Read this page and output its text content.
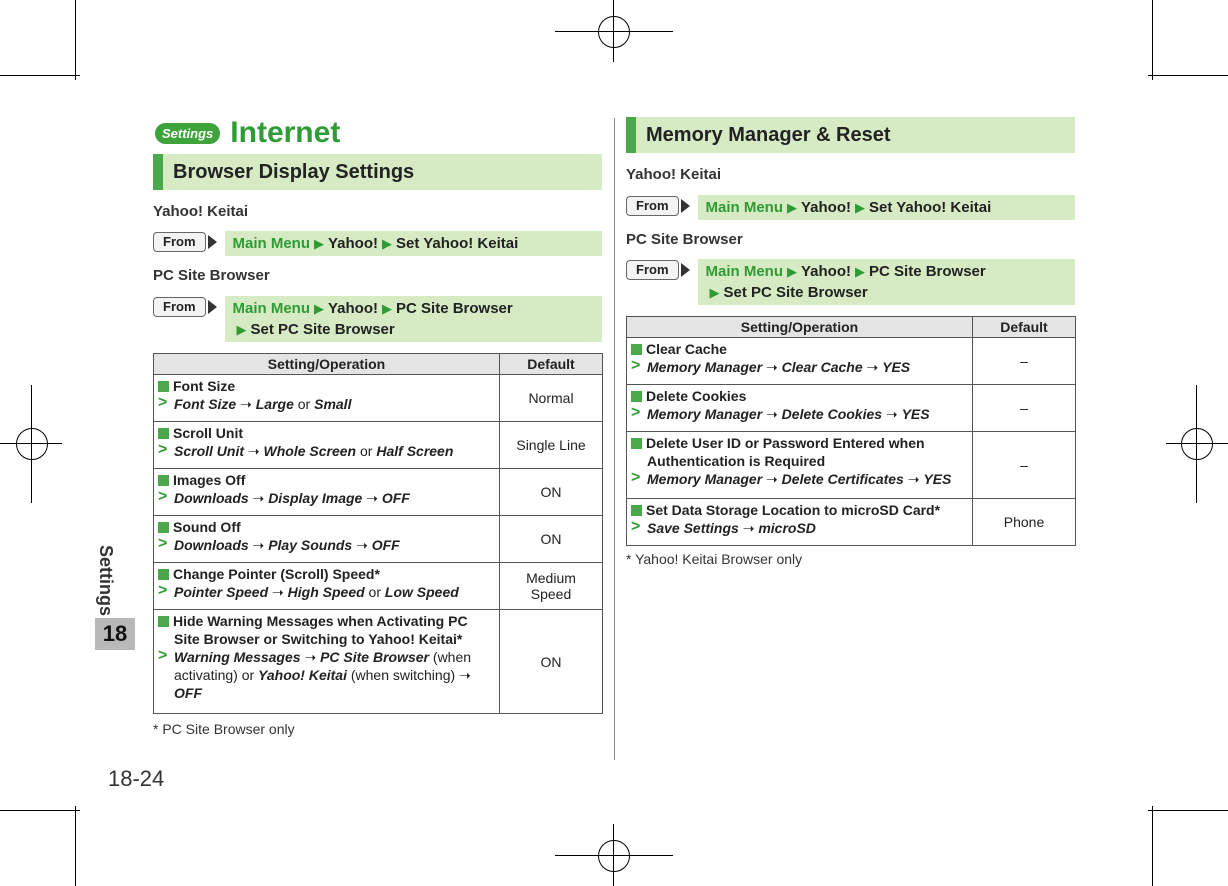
Settings
18
18-24
Settings Internet
Browser Display Settings
Yahoo! Keitai
From	Main Menu ▶ Yahoo! ▶ Set Yahoo! Keitai
PC Site Browser
From	Main Menu ▶ Yahoo! ▶ PC Site Browser
▶ Set PC Site Browser
Setting/Operation	Default

Font Size
> Font Size ➝ Large or Small	Normal

Scroll Unit
> Scroll Unit ➝ Whole Screen or Half Screen	Single Line

Images Off
> Downloads ➝ Display Image ➝ OFF	ON

Sound Off
> Downloads ➝ Play Sounds ➝ OFF	ON

Change Pointer (Scroll) Speed*
> Pointer Speed ➝ High Speed or Low Speed	Medium Speed

Hide Warning Messages when Activating PC Site Browser or Switching to Yahoo! Keitai*
> Warning Messages ➝ PC Site Browser (when activating) or Yahoo! Keitai (when switching) ➝ OFF	ON
* PC Site Browser only
Memory Manager & Reset
Yahoo! Keitai
From	Main Menu ▶ Yahoo! ▶ Set Yahoo! Keitai
PC Site Browser
From	Main Menu ▶ Yahoo! ▶ PC Site Browser
▶ Set PC Site Browser
Setting/Operation	Default

Clear Cache
> Memory Manager ➝ Clear Cache ➝ YES	–

Delete Cookies
> Memory Manager ➝ Delete Cookies ➝ YES	–

Delete User ID or Password Entered when Authentication is Required
> Memory Manager ➝ Delete Certificates ➝ YES	–

Set Data Storage Location to microSD Card*
> Save Settings ➝ microSD	Phone
* Yahoo! Keitai Browser only
